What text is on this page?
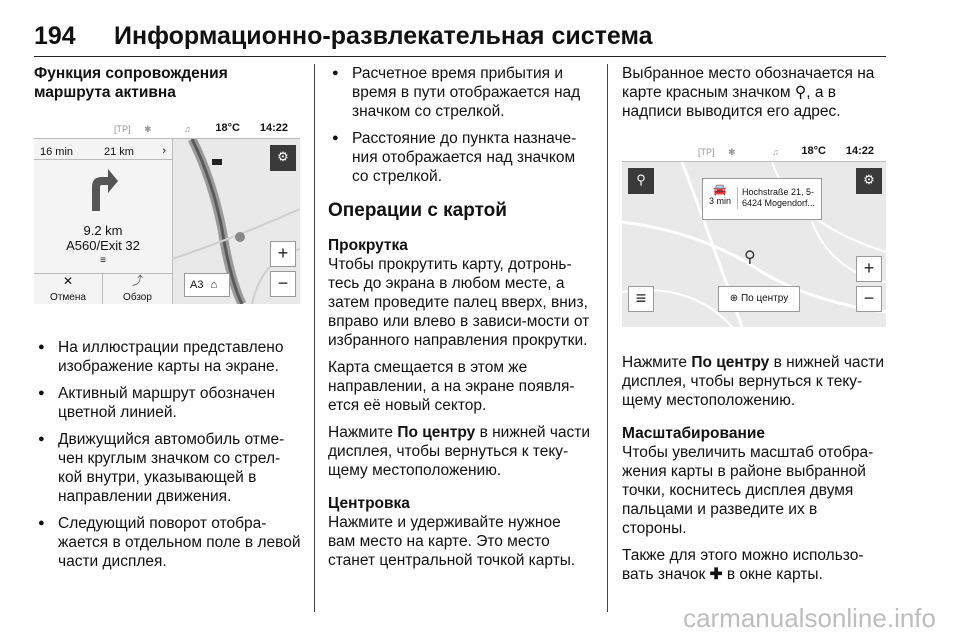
194 Информационно-развлекательная система

Функция сопровождения маршрута активна

[TP] ✱	♫ 18°C 14:22
16 min	21 km	›
9.2 km
A560/Exit 32
≡
✕
Отмена
⤴
Обзор
⚙
+
−
A3 ⌂
● На иллюстрации представлено изображение карты на экране.
● Активный маршрут обозначен цветной линией.
● Движущийся автомобиль отме-чен круглым значком со стрел-кой внутри, указывающей в направлении движения.
● Следующий поворот отобра-жается в отдельном поле в левой части дисплея.
● Расчетное время прибытия и время в пути отображается над значком со стрелкой.
● Расстояние до пункта назначе-ния отображается над значком со стрелкой.
Операции с картой

Прокрутка

Чтобы прокрутить карту, дотронь-тесь до экрана в любом месте, а затем проведите палец вверх, вниз, вправо или влево в зависи-мости от избранного направления прокрутки.

Карта смещается в этом же направлении, а на экране появля-ется её новый сектор.

Нажмите По центру в нижней части дисплея, чтобы вернуться к теку-щему местоположению.

Центровка

Нажмите и удерживайте нужное вам место на карте. Это место станет центральной точкой карты.

Выбранное место обозначается на карте красным значком ⚲, а в надписи выводится его адрес.

[TP] ✱	♫ 18°C 14:22
⚲	⚙
🚘
3 min
Hochstraße 21, 5-
6424 Mogendorf...
⚲
+
−
≡	⊕ По центру

Нажмите По центру в нижней части дисплея, чтобы вернуться к теку-щему местоположению.

Масштабирование

Чтобы увеличить масштаб отобра-жения карты в районе выбранной точки, коснитесь дисплея двумя пальцами и разведите их в стороны.

Также для этого можно использо-вать значок ✚ в окне карты.

carmanualsonline.info
